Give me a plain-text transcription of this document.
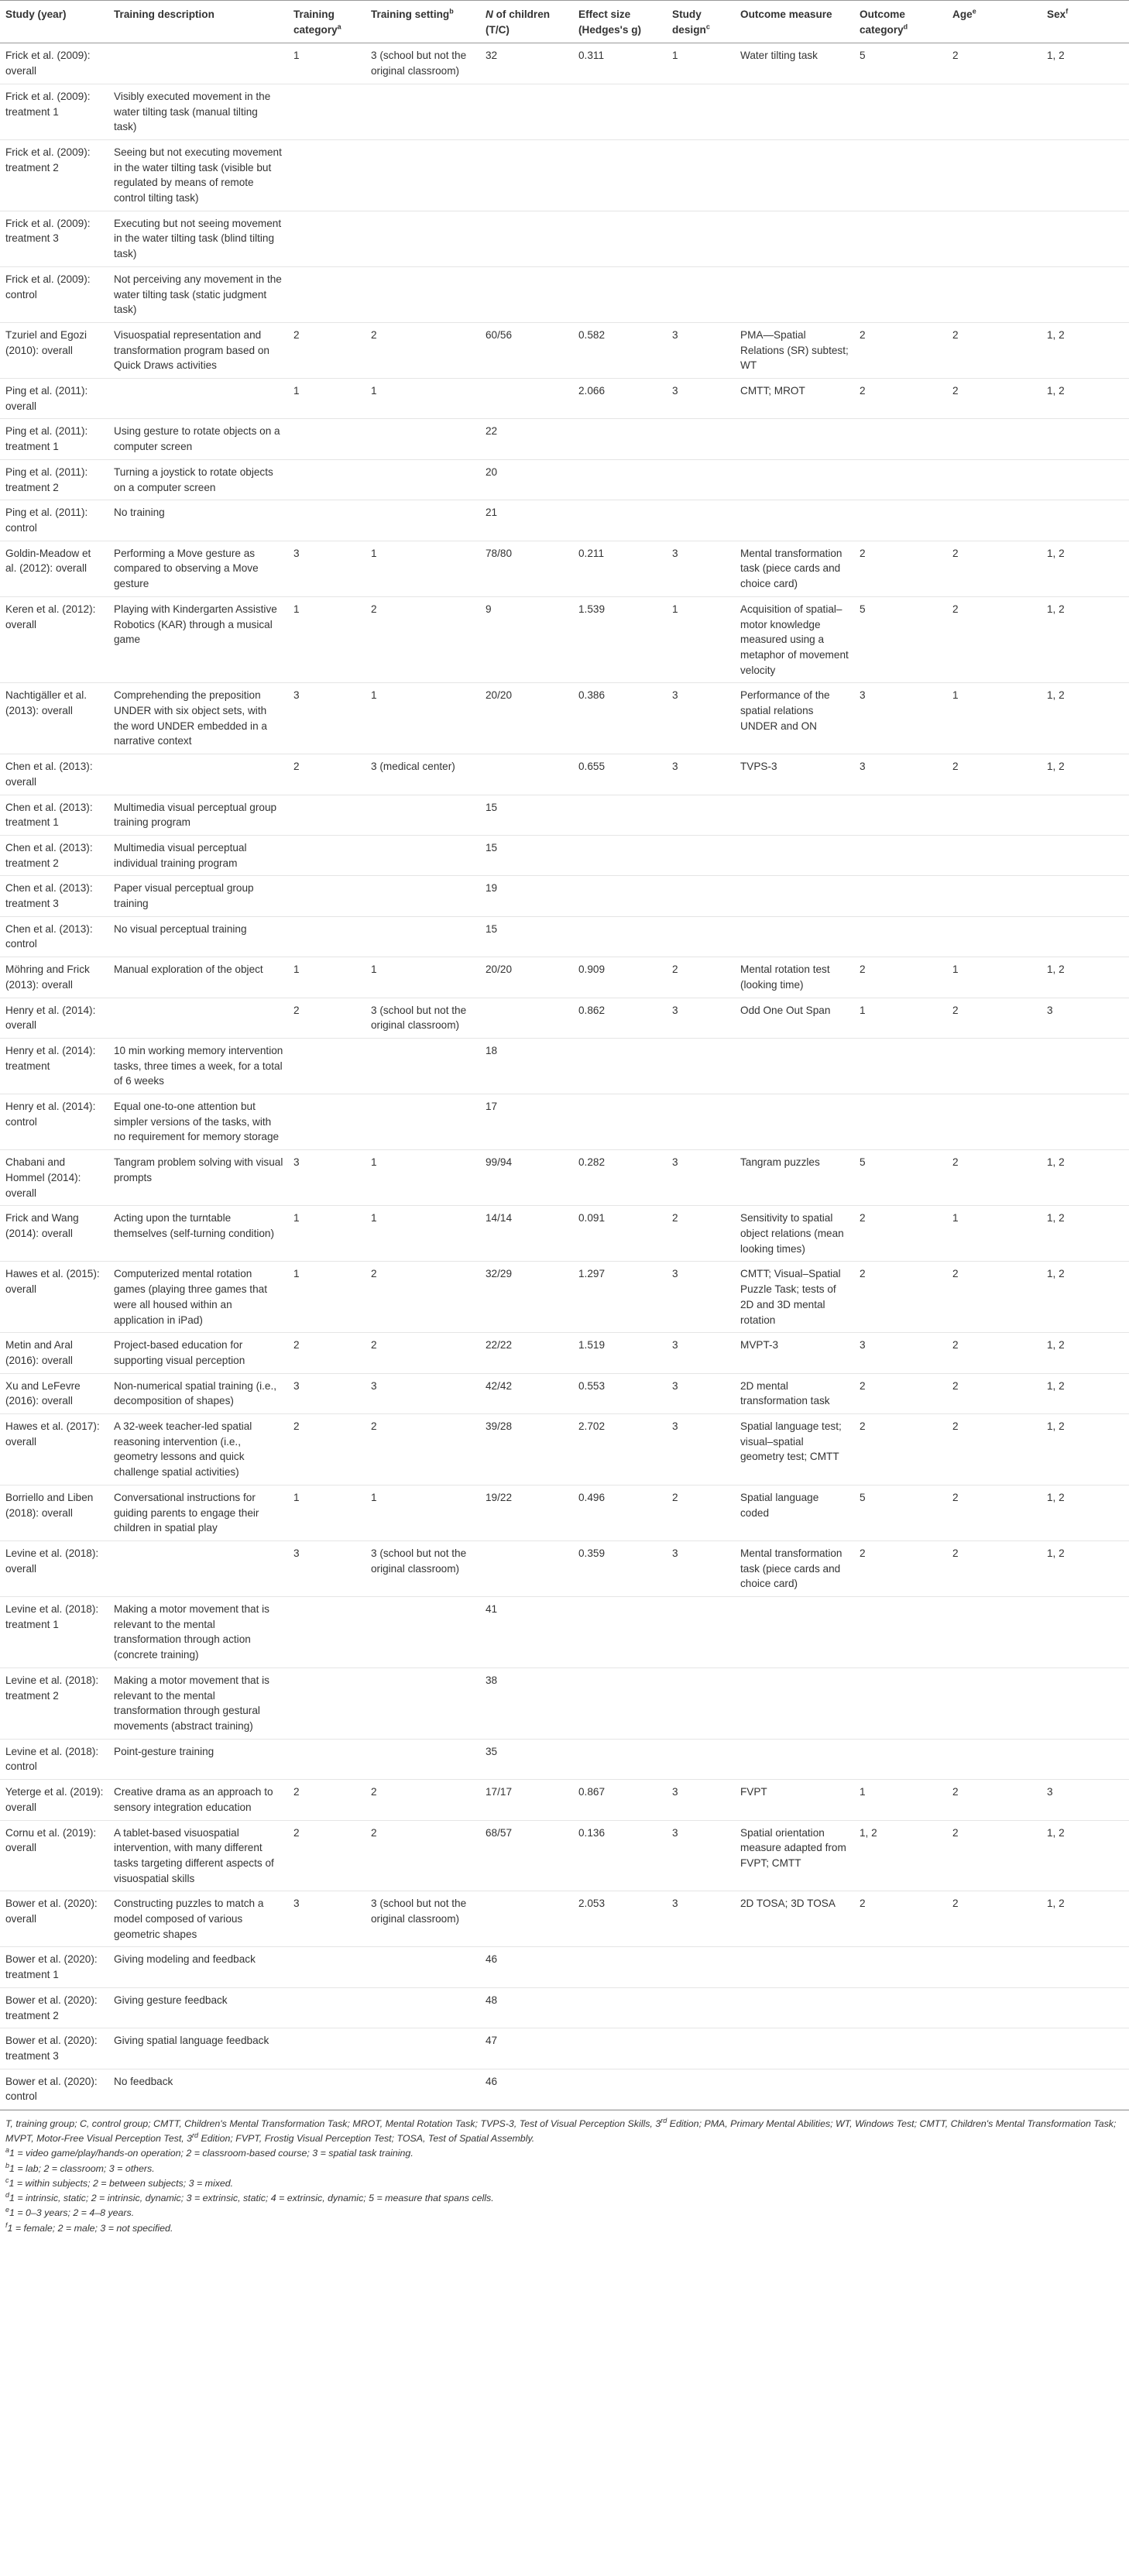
Study (year)	Training description	Training category$^a$	Training setting$^b$	N of children (T/C)	Effect size (Hedges's g)	Study design$^c$	Outcome measure	Outcome category$^d$	Age$^e$	Sex$^f$
Frick et al. (2009): overall		1	3 (school but not the original classroom)	32	0.311	1	Water tilting task	5	2	1, 2
Frick et al. (2009): treatment 1	Visibly executed movement in the water tilting task (manual tilting task)									
Frick et al. (2009): treatment 2	Seeing but not executing movement in the water tilting task (visible but regulated by means of remote control tilting task)									
Frick et al. (2009): treatment 3	Executing but not seeing movement in the water tilting task (blind tilting task)									
Frick et al. (2009): control	Not perceiving any movement in the water tilting task (static judgment task)									
Tzuriel and Egozi (2010): overall	Visuospatial representation and transformation program based on Quick Draws activities	2	2	60/56	0.582	3	PMA—Spatial Relations (SR) subtest; WT	2	2	1, 2
Ping et al. (2011): overall		1	1		2.066	3	CMTT; MROT	2	2	1, 2
Ping et al. (2011): treatment 1	Using gesture to rotate objects on a computer screen			22						
Ping et al. (2011): treatment 2	Turning a joystick to rotate objects on a computer screen			20						
Ping et al. (2011): control	No training			21						
Goldin-Meadow et al. (2012): overall	Performing a Move gesture as compared to observing a Move gesture	3	1	78/80	0.211	3	Mental transformation task (piece cards and choice card)	2	2	1, 2
Keren et al. (2012): overall	Playing with Kindergarten Assistive Robotics (KAR) through a musical game	1	2	9	1.539	1	Acquisition of spatial–motor knowledge measured using a metaphor of movement velocity	5	2	1, 2
Nachtigäller et al. (2013): overall	Comprehending the preposition UNDER with six object sets, with the word UNDER embedded in a narrative context	3	1	20/20	0.386	3	Performance of the spatial relations UNDER and ON	3	1	1, 2
Chen et al. (2013): overall		2	3 (medical center)		0.655	3	TVPS-3	3	2	1, 2
Chen et al. (2013): treatment 1	Multimedia visual perceptual group training program			15						
Chen et al. (2013): treatment 2	Multimedia visual perceptual individual training program			15						
Chen et al. (2013): treatment 3	Paper visual perceptual group training			19						
Chen et al. (2013): control	No visual perceptual training			15						
Möhring and Frick (2013): overall	Manual exploration of the object	1	1	20/20	0.909	2	Mental rotation test (looking time)	2	1	1, 2
Henry et al. (2014): overall		2	3 (school but not the original classroom)		0.862	3	Odd One Out Span	1	2	3
Henry et al. (2014): treatment	10 min working memory intervention tasks, three times a week, for a total of 6 weeks			18						
Henry et al. (2014): control	Equal one-to-one attention but simpler versions of the tasks, with no requirement for memory storage			17						
Chabani and Hommel (2014): overall	Tangram problem solving with visual prompts	3	1	99/94	0.282	3	Tangram puzzles	5	2	1, 2
Frick and Wang (2014): overall	Acting upon the turntable themselves (self-turning condition)	1	1	14/14	0.091	2	Sensitivity to spatial object relations (mean looking times)	2	1	1, 2
Hawes et al. (2015): overall	Computerized mental rotation games (playing three games that were all housed within an application in iPad)	1	2	32/29	1.297	3	CMTT; Visual–Spatial Puzzle Task; tests of 2D and 3D mental rotation	2	2	1, 2
Metin and Aral (2016): overall	Project-based education for supporting visual perception	2	2	22/22	1.519	3	MVPT-3	3	2	1, 2
Xu and LeFevre (2016): overall	Non-numerical spatial training (i.e., decomposition of shapes)	3	3	42/42	0.553	3	2D mental transformation task	2	2	1, 2
Hawes et al. (2017): overall	A 32-week teacher-led spatial reasoning intervention (i.e., geometry lessons and quick challenge spatial activities)	2	2	39/28	2.702	3	Spatial language test; visual–spatial geometry test; CMTT	2	2	1, 2
Borriello and Liben (2018): overall	Conversational instructions for guiding parents to engage their children in spatial play	1	1	19/22	0.496	2	Spatial language coded	5	2	1, 2
Levine et al. (2018): overall		3	3 (school but not the original classroom)		0.359	3	Mental transformation task (piece cards and choice card)	2	2	1, 2
Levine et al. (2018): treatment 1	Making a motor movement that is relevant to the mental transformation through action (concrete training)			41						
Levine et al. (2018): treatment 2	Making a motor movement that is relevant to the mental transformation through gestural movements (abstract training)			38						
Levine et al. (2018): control	Point-gesture training			35						
Yeterge et al. (2019): overall	Creative drama as an approach to sensory integration education	2	2	17/17	0.867	3	FVPT	1	2	3
Cornu et al. (2019): overall	A tablet-based visuospatial intervention, with many different tasks targeting different aspects of visuospatial skills	2	2	68/57	0.136	3	Spatial orientation measure adapted from FVPT; CMTT	1, 2	2	1, 2
Bower et al. (2020): overall	Constructing puzzles to match a model composed of various geometric shapes	3	3 (school but not the original classroom)		2.053	3	2D TOSA; 3D TOSA	2	2	1, 2
Bower et al. (2020): treatment 1	Giving modeling and feedback			46						
Bower et al. (2020): treatment 2	Giving gesture feedback			48						
Bower et al. (2020): treatment 3	Giving spatial language feedback			47						
Bower et al. (2020): control	No feedback			46						

T, training group; C, control group; CMTT, Children's Mental Transformation Task; MROT, Mental Rotation Task; TVPS-3, Test of Visual Perception Skills, 3rd Edition; PMA, Primary Mental Abilities; WT, Windows Test; CMTT, Children's Mental Transformation Task; MVPT, Motor-Free Visual Perception Test, 3rd Edition; FVPT, Frostig Visual Perception Test; TOSA, Test of Spatial Assembly.

$^a$1 = video game/play/hands-on operation; 2 = classroom-based course; 3 = spatial task training.

$^b$1 = lab; 2 = classroom; 3 = others.

$^c$1 = within subjects; 2 = between subjects; 3 = mixed.

$^d$1 = intrinsic, static; 2 = intrinsic, dynamic; 3 = extrinsic, static; 4 = extrinsic, dynamic; 5 = measure that spans cells.

$^e$1 = 0–3 years; 2 = 4–8 years.

$^f$1 = female; 2 = male; 3 = not specified.
